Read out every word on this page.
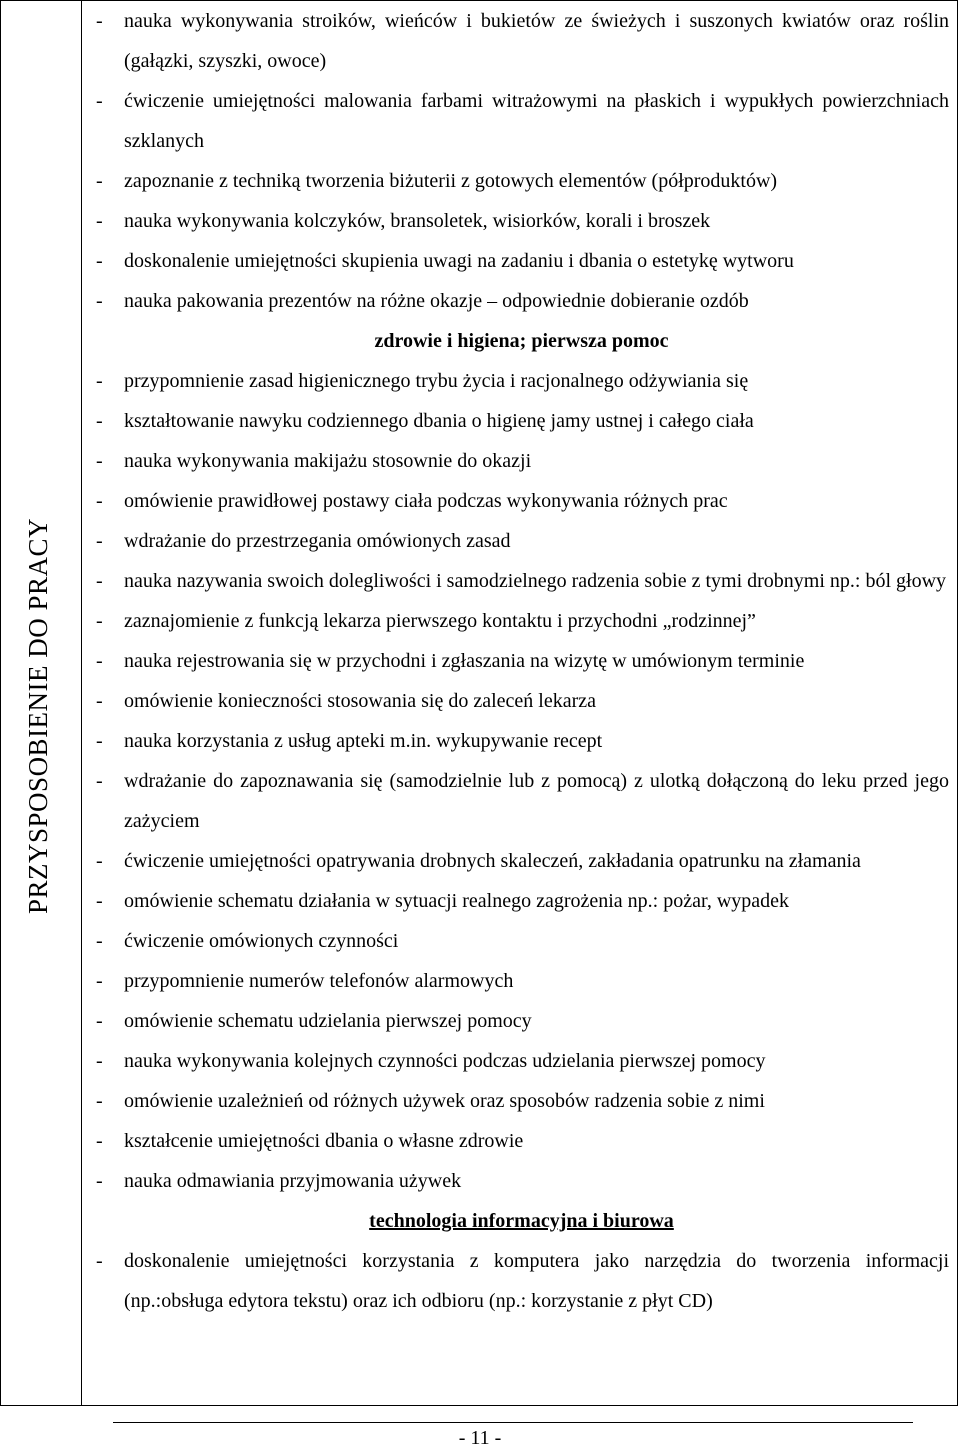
PRZYSPOSOBIENIE DO PRACY
- nauka wykonywania stroików, wieńców i bukietów ze świeżych i suszonych kwiatów oraz roślin (gałązki, szyszki, owoce)
- ćwiczenie umiejętności malowania farbami witrażowymi na płaskich i wypukłych powierzchniach szklanych
- zapoznanie z techniką tworzenia biżuterii z gotowych elementów (półproduktów)
- nauka wykonywania kolczyków, bransoletek, wisiorków, korali i broszek
- doskonalenie umiejętności skupienia uwagi na zadaniu i dbania o estetykę wytworu
- nauka pakowania prezentów na różne okazje – odpowiednie dobieranie ozdób
zdrowie i higiena; pierwsza pomoc
- przypomnienie zasad higienicznego trybu życia i racjonalnego odżywiania się
- kształtowanie nawyku codziennego dbania o higienę jamy ustnej i całego ciała
- nauka wykonywania makijażu stosownie do okazji
- omówienie prawidłowej postawy ciała podczas wykonywania różnych prac
- wdrażanie do przestrzegania omówionych zasad
- nauka nazywania swoich dolegliwości i samodzielnego radzenia sobie z tymi drobnymi np.: ból głowy
- zaznajomienie z funkcją lekarza pierwszego kontaktu i przychodni „rodzinnej”
- nauka rejestrowania się w przychodni i zgłaszania na wizytę w umówionym terminie
- omówienie konieczności stosowania się do zaleceń lekarza
- nauka korzystania z usług apteki m.in. wykupywanie recept
- wdrażanie do zapoznawania się (samodzielnie lub z pomocą) z ulotką dołączoną do leku przed jego zażyciem
- ćwiczenie umiejętności opatrywania drobnych skaleczeń, zakładania opatrunku na złamania
- omówienie schematu działania w sytuacji realnego zagrożenia np.: pożar, wypadek
- ćwiczenie omówionych czynności
- przypomnienie numerów telefonów alarmowych
- omówienie schematu udzielania pierwszej pomocy
- nauka wykonywania kolejnych czynności podczas udzielania pierwszej pomocy
- omówienie uzależnień od różnych używek oraz sposobów radzenia sobie z nimi
- kształcenie umiejętności dbania o własne zdrowie
- nauka odmawiania przyjmowania używek
technologia informacyjna i biurowa
- doskonalenie umiejętności korzystania z komputera jako narzędzia do tworzenia informacji (np.:obsługa edytora tekstu) oraz ich odbioru (np.: korzystanie z płyt CD)
- 11 -
